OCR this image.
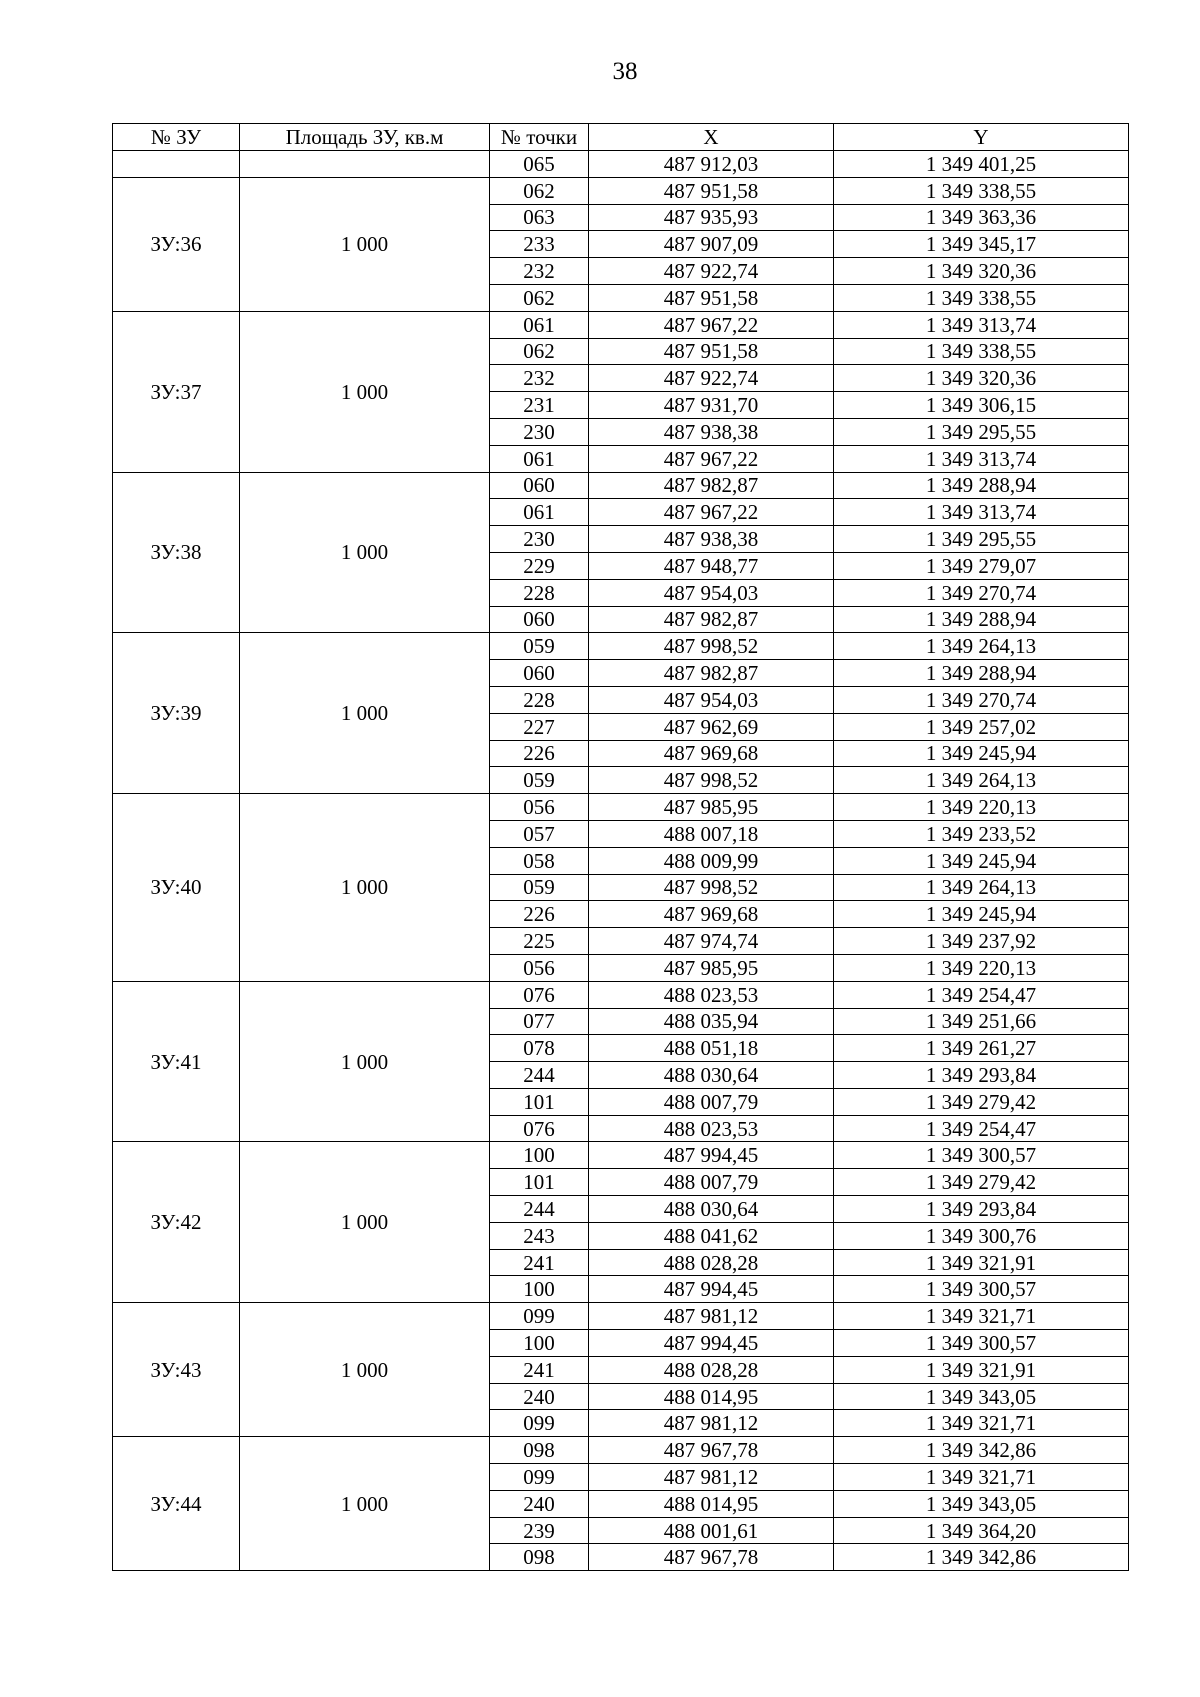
38
№ ЗУ	Площадь ЗУ, кв.м	№ точки	X	Y
		065	487 912,03	1 349 401,25
ЗУ:36	1 000	062	487 951,58	1 349 338,55
		063	487 935,93	1 349 363,36
		233	487 907,09	1 349 345,17
		232	487 922,74	1 349 320,36
		062	487 951,58	1 349 338,55
ЗУ:37	1 000	061	487 967,22	1 349 313,74
		062	487 951,58	1 349 338,55
		232	487 922,74	1 349 320,36
		231	487 931,70	1 349 306,15
		230	487 938,38	1 349 295,55
		061	487 967,22	1 349 313,74
ЗУ:38	1 000	060	487 982,87	1 349 288,94
		061	487 967,22	1 349 313,74
		230	487 938,38	1 349 295,55
		229	487 948,77	1 349 279,07
		228	487 954,03	1 349 270,74
		060	487 982,87	1 349 288,94
ЗУ:39	1 000	059	487 998,52	1 349 264,13
		060	487 982,87	1 349 288,94
		228	487 954,03	1 349 270,74
		227	487 962,69	1 349 257,02
		226	487 969,68	1 349 245,94
		059	487 998,52	1 349 264,13
ЗУ:40	1 000	056	487 985,95	1 349 220,13
		057	488 007,18	1 349 233,52
		058	488 009,99	1 349 245,94
		059	487 998,52	1 349 264,13
		226	487 969,68	1 349 245,94
		225	487 974,74	1 349 237,92
		056	487 985,95	1 349 220,13
ЗУ:41	1 000	076	488 023,53	1 349 254,47
		077	488 035,94	1 349 251,66
		078	488 051,18	1 349 261,27
		244	488 030,64	1 349 293,84
		101	488 007,79	1 349 279,42
		076	488 023,53	1 349 254,47
ЗУ:42	1 000	100	487 994,45	1 349 300,57
		101	488 007,79	1 349 279,42
		244	488 030,64	1 349 293,84
		243	488 041,62	1 349 300,76
		241	488 028,28	1 349 321,91
		100	487 994,45	1 349 300,57
ЗУ:43	1 000	099	487 981,12	1 349 321,71
		100	487 994,45	1 349 300,57
		241	488 028,28	1 349 321,91
		240	488 014,95	1 349 343,05
		099	487 981,12	1 349 321,71
ЗУ:44	1 000	098	487 967,78	1 349 342,86
		099	487 981,12	1 349 321,71
		240	488 014,95	1 349 343,05
		239	488 001,61	1 349 364,20
		098	487 967,78	1 349 342,86
